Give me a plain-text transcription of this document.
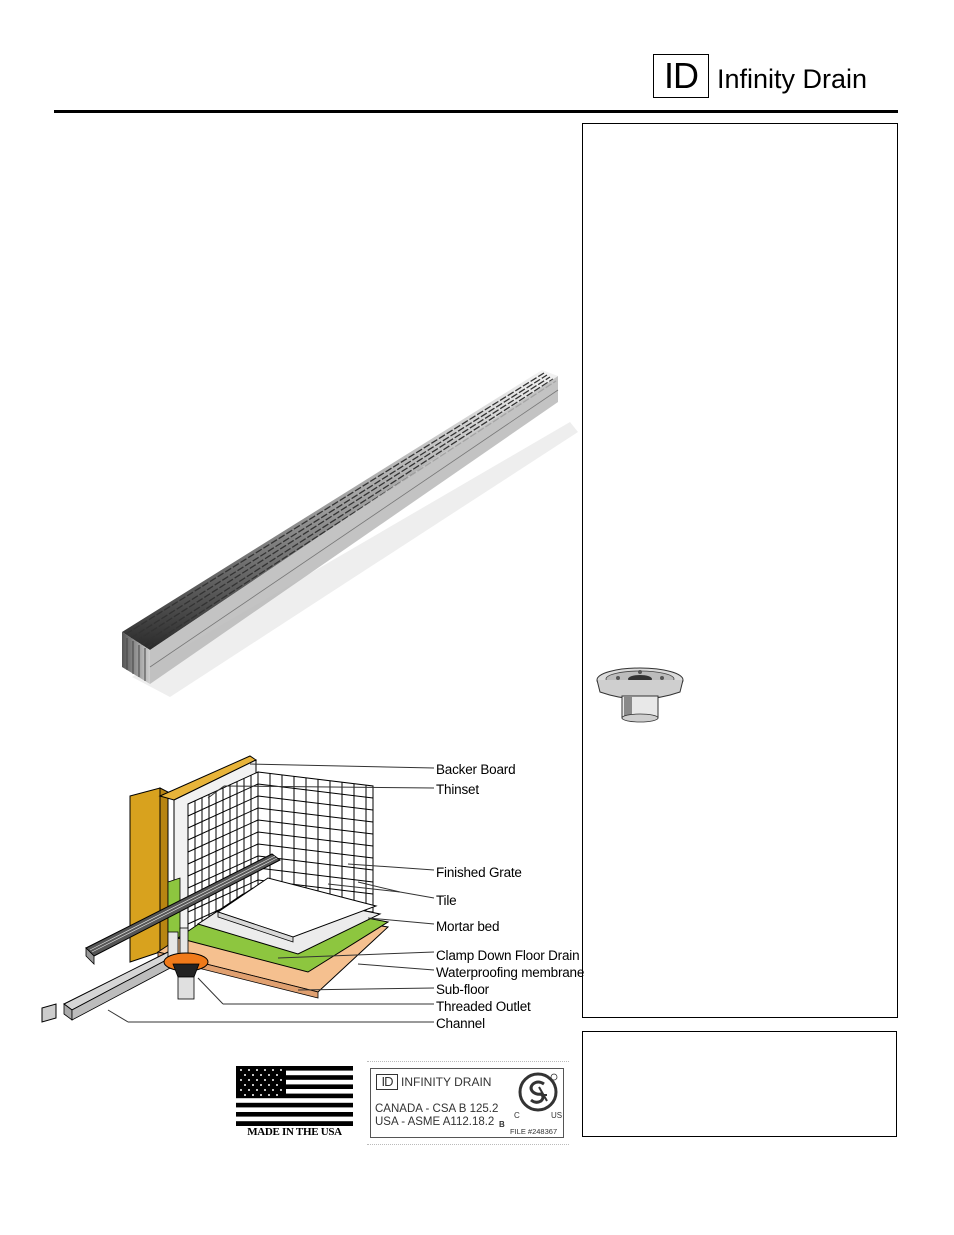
ID Infinity Drain
Backer Board
Thinset
Finished Grate
Tile
Mortar bed
Clamp Down Floor Drain
Waterproofing membrane
Sub-floor
Threaded Outlet
Channel
MADE IN THE USA
ID INFINITY DRAIN
CANADA - CSA B 125.2
USA - ASME A112.18.2 B
C	US
FILE #248367
